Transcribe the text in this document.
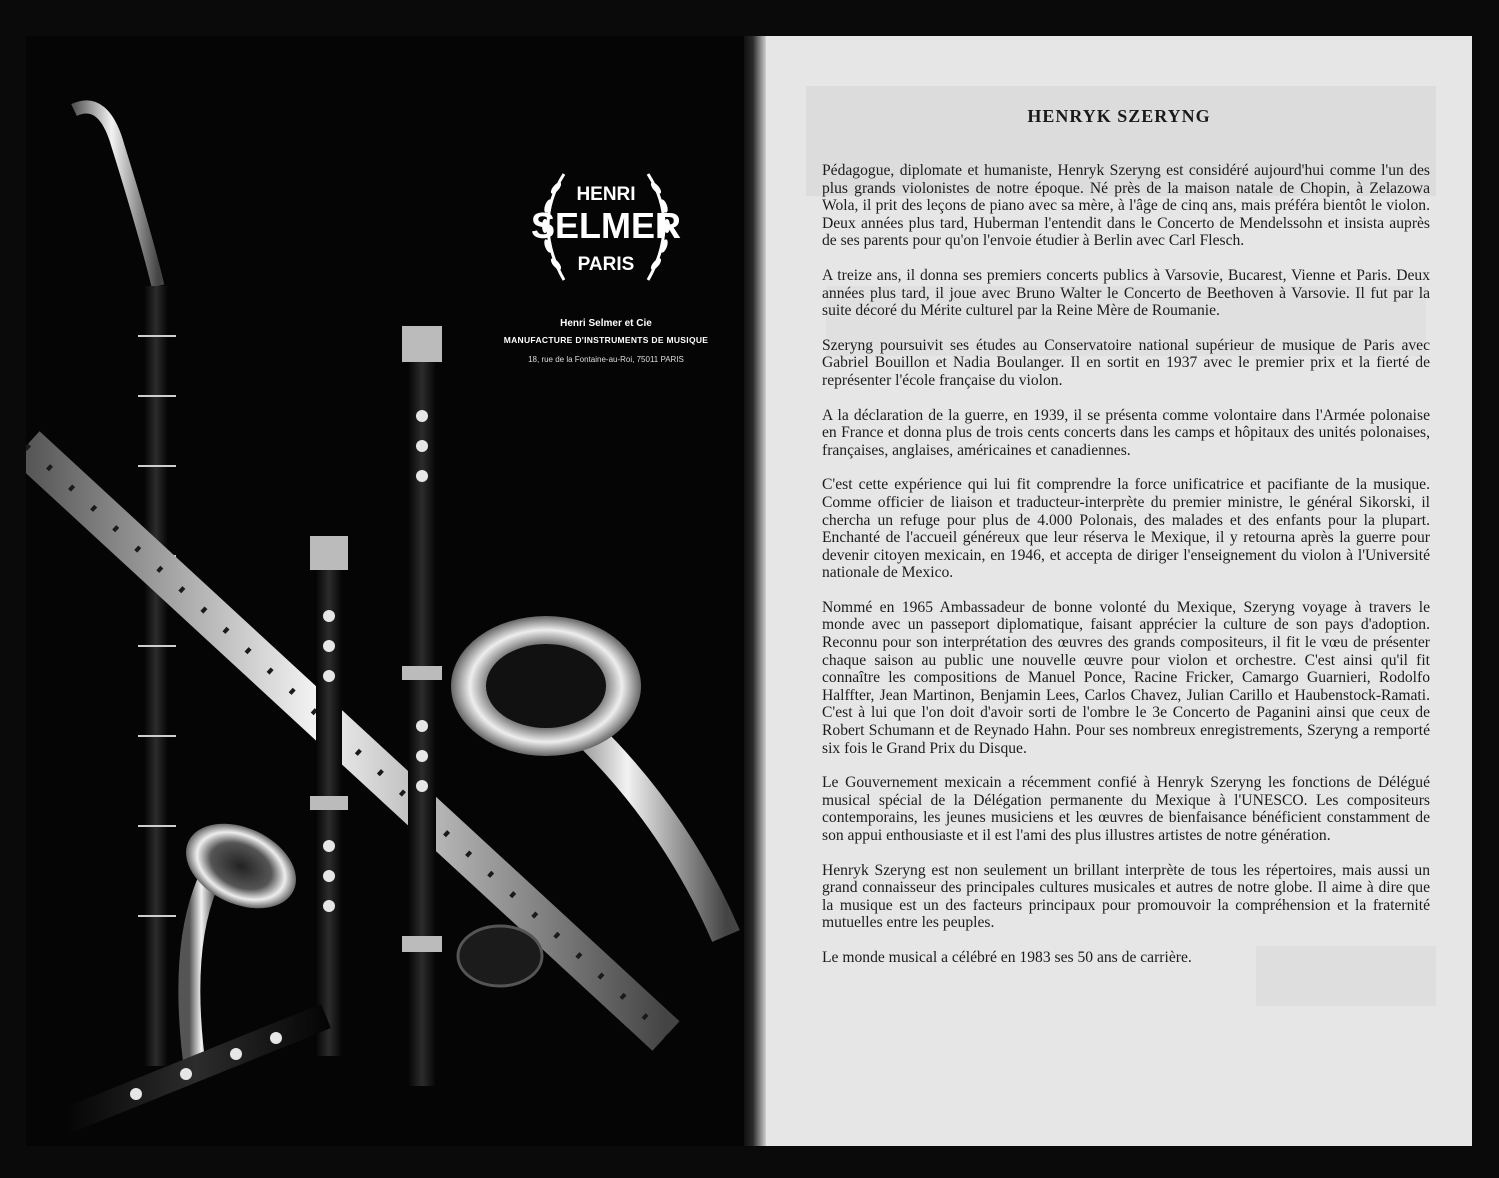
HENRI
SELMER
PARIS
Henri Selmer et Cie
MANUFACTURE D'INSTRUMENTS DE MUSIQUE
18, rue de la Fontaine-au-Roi, 75011 PARIS
HENRYK SZERYNG

Pédagogue, diplomate et humaniste, Henryk Szeryng est considéré aujourd'hui comme l'un des plus grands violonistes de notre époque. Né près de la maison natale de Chopin, à Zelazowa Wola, il prit des leçons de piano avec sa mère, à l'âge de cinq ans, mais préféra bientôt le violon. Deux années plus tard, Huberman l'entendit dans le Concerto de Mendelssohn et insista auprès de ses parents pour qu'on l'envoie étudier à Berlin avec Carl Flesch.

A treize ans, il donna ses premiers concerts publics à Varsovie, Bucarest, Vienne et Paris. Deux années plus tard, il joue avec Bruno Walter le Concerto de Beethoven à Varsovie. Il fut par la suite décoré du Mérite culturel par la Reine Mère de Roumanie.

Szeryng poursuivit ses études au Conservatoire national supérieur de musique de Paris avec Gabriel Bouillon et Nadia Boulanger. Il en sortit en 1937 avec le premier prix et la fierté de représenter l'école française du violon.

A la déclaration de la guerre, en 1939, il se présenta comme volontaire dans l'Armée polonaise en France et donna plus de trois cents concerts dans les camps et hôpitaux des unités polonaises, françaises, anglaises, américaines et canadiennes.

C'est cette expérience qui lui fit comprendre la force unificatrice et pacifiante de la musique. Comme officier de liaison et traducteur-interprète du premier ministre, le général Sikorski, il chercha un refuge pour plus de 4.000 Polonais, des malades et des enfants pour la plupart. Enchanté de l'accueil généreux que leur réserva le Mexique, il y retourna après la guerre pour devenir citoyen mexicain, en 1946, et accepta de diriger l'enseignement du violon à l'Université nationale de Mexico.

Nommé en 1965 Ambassadeur de bonne volonté du Mexique, Szeryng voyage à travers le monde avec un passeport diplomatique, faisant apprécier la culture de son pays d'adoption. Reconnu pour son interprétation des œuvres des grands compositeurs, il fit le vœu de présenter chaque saison au public une nouvelle œuvre pour violon et orchestre. C'est ainsi qu'il fit connaître les compositions de Manuel Ponce, Racine Fricker, Camargo Guarnieri, Rodolfo Halffter, Jean Martinon, Benjamin Lees, Carlos Chavez, Julian Carillo et Haubenstock-Ramati. C'est à lui que l'on doit d'avoir sorti de l'ombre le 3e Concerto de Paganini ainsi que ceux de Robert Schumann et de Reynado Hahn. Pour ses nombreux enregistrements, Szeryng a remporté six fois le Grand Prix du Disque.

Le Gouvernement mexicain a récemment confié à Henryk Szeryng les fonctions de Délégué musical spécial de la Délégation permanente du Mexique à l'UNESCO. Les compositeurs contemporains, les jeunes musiciens et les œuvres de bienfaisance bénéficient constamment de son appui enthousiaste et il est l'ami des plus illustres artistes de notre génération.

Henryk Szeryng est non seulement un brillant interprète de tous les répertoires, mais aussi un grand connaisseur des principales cultures musicales et autres de notre globe. Il aime à dire que la musique est un des facteurs principaux pour promouvoir la compréhension et la fraternité mutuelles entre les peuples.

Le monde musical a célébré en 1983 ses 50 ans de carrière.
